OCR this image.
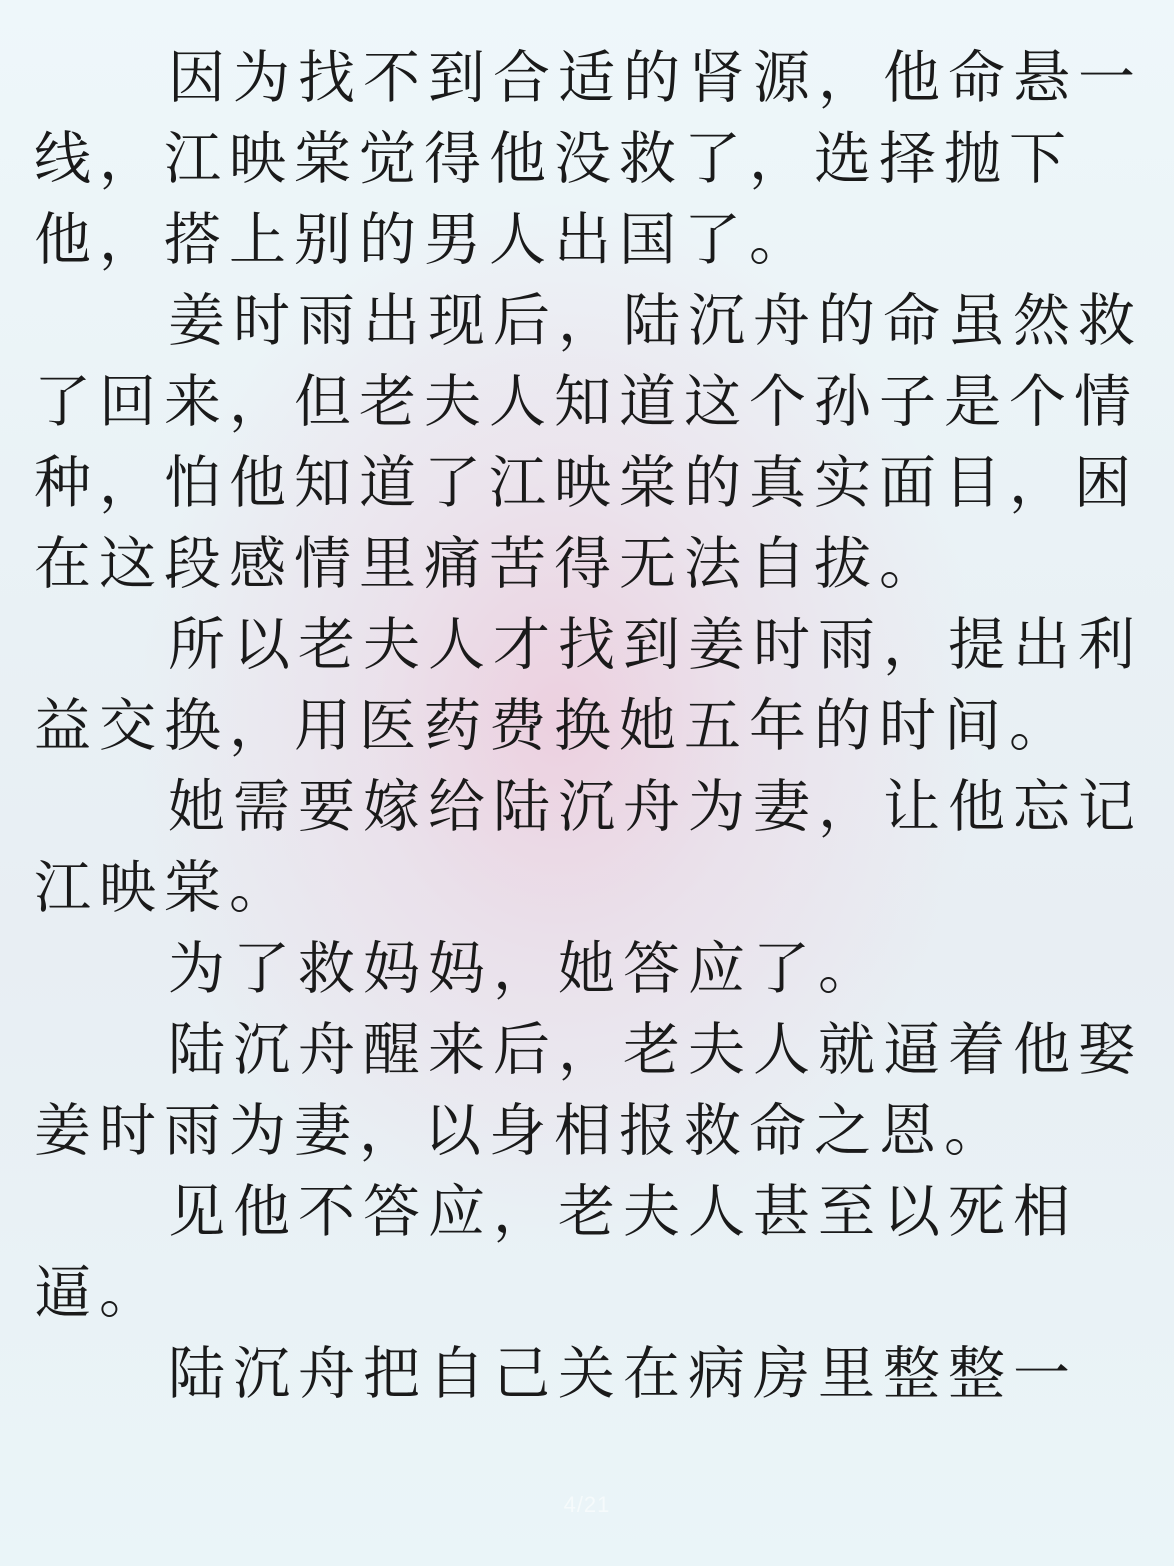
因为找不到合适的肾源，他命悬一线，江映棠觉得他没救了，选择抛下他，搭上别的男人出国了。

姜时雨出现后，陆沉舟的命虽然救了回来，但老夫人知道这个孙子是个情种，怕他知道了江映棠的真实面目，困在这段感情里痛苦得无法自拔。

所以老夫人才找到姜时雨，提出利益交换，用医药费换她五年的时间。

她需要嫁给陆沉舟为妻，让他忘记江映棠。

为了救妈妈，她答应了。

陆沉舟醒来后，老夫人就逼着他娶姜时雨为妻，以身相报救命之恩。

见他不答应，老夫人甚至以死相逼。

陆沉舟把自己关在病房里整整一

4/21
